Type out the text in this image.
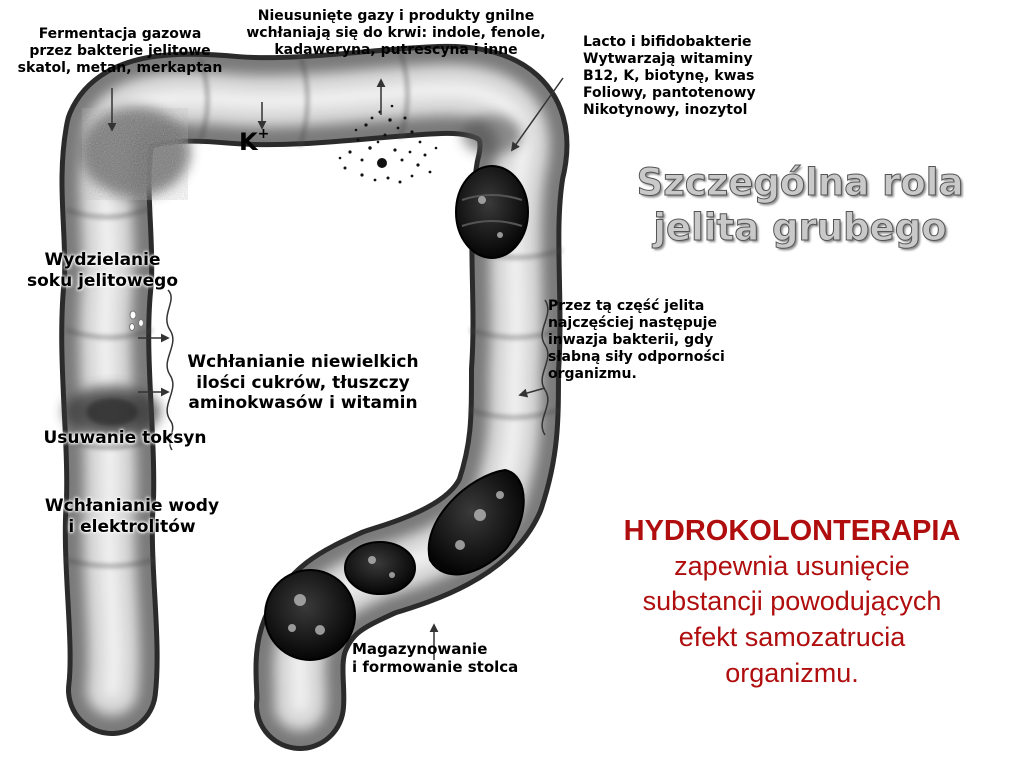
Fermentacja gazowa
przez bakterie jelitowe
skatol, metan, merkaptan
Nieusunięte gazy i produkty gnilne
wchłaniają się do krwi: indole, fenole,
kadaweryna, putrescyna i inne
Lacto i bifidobakterie
Wytwarzają witaminy
B12, K, biotynę, kwas
Foliowy, pantotenowy
Nikotynowy, inozytol
K+
Szczególna rola
jelita grubego
Wydzielanie
soku jelitowego
Wchłanianie niewielkich
ilości cukrów, tłuszczy
aminokwasów i witamin
Usuwanie toksyn
Wchłanianie wody
i elektrolitów
Przez tą część jelita
najczęściej następuje
inwazja bakterii, gdy
słabną siły odporności
organizmu.
Magazynowanie
i formowanie stolca
HYDROKOLONTERAPIA
zapewnia usunięcie
substancji powodujących
efekt samozatrucia
organizmu.
